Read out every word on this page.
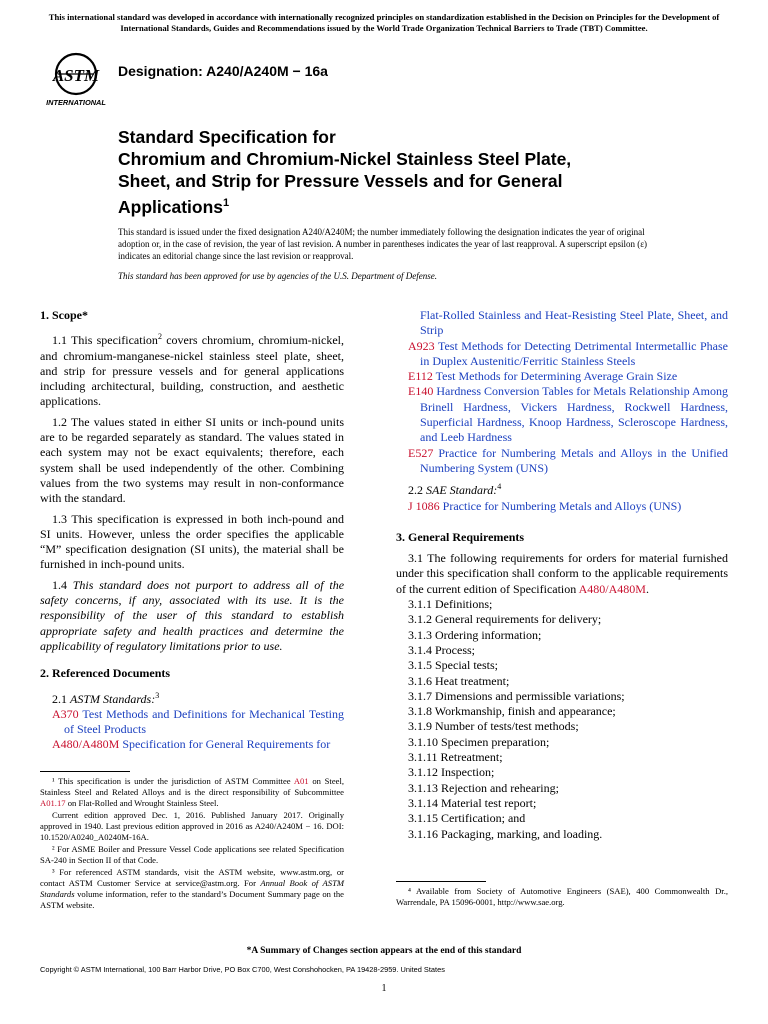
This international standard was developed in accordance with internationally recognized principles on standardization established in the Decision on Principles for the Development of International Standards, Guides and Recommendations issued by the World Trade Organization Technical Barriers to Trade (TBT) Committee.
ASTM
INTERNATIONAL
Designation: A240/A240M − 16a
Standard Specification for
Chromium and Chromium-Nickel Stainless Steel Plate,
Sheet, and Strip for Pressure Vessels and for General
Applications$^1$
This standard is issued under the fixed designation A240/A240M; the number immediately following the designation indicates the year of original adoption or, in the case of revision, the year of last revision. A number in parentheses indicates the year of last reapproval. A superscript epsilon (ε) indicates an editorial change since the last revision or reapproval.
This standard has been approved for use by agencies of the U.S. Department of Defense.

1. Scope*

1.1 This specification$^2$ covers chromium, chromium-nickel, and chromium-manganese-nickel stainless steel plate, sheet, and strip for pressure vessels and for general applications including architectural, building, construction, and aesthetic applications.

1.2 The values stated in either SI units or inch-pound units are to be regarded separately as standard. The values stated in each system may not be exact equivalents; therefore, each system shall be used independently of the other. Combining values from the two systems may result in non-conformance with the standard.

1.3 This specification is expressed in both inch-pound and SI units. However, unless the order specifies the applicable “M” specification designation (SI units), the material shall be furnished in inch-pound units.

1.4 This standard does not purport to address all of the safety concerns, if any, associated with its use. It is the responsibility of the user of this standard to establish appropriate safety and health practices and determine the applicability of regulatory limitations prior to use.

2. Referenced Documents

2.1 ASTM Standards:$^3$

A370 Test Methods and Definitions for Mechanical Testing of Steel Products

A480/A480M Specification for General Requirements for

Flat-Rolled Stainless and Heat-Resisting Steel Plate, Sheet, and Strip

A923 Test Methods for Detecting Detrimental Intermetallic Phase in Duplex Austenitic/Ferritic Stainless Steels

E112 Test Methods for Determining Average Grain Size

E140 Hardness Conversion Tables for Metals Relationship Among Brinell Hardness, Vickers Hardness, Rockwell Hardness, Superficial Hardness, Knoop Hardness, Scleroscope Hardness, and Leeb Hardness

E527 Practice for Numbering Metals and Alloys in the Unified Numbering System (UNS)

2.2 SAE Standard:$^4$

J 1086 Practice for Numbering Metals and Alloys (UNS)

3. General Requirements

3.1 The following requirements for orders for material furnished under this specification shall conform to the applicable requirements of the current edition of Specification A480/A480M.

3.1.1 Definitions;

3.1.2 General requirements for delivery;

3.1.3 Ordering information;

3.1.4 Process;

3.1.5 Special tests;

3.1.6 Heat treatment;

3.1.7 Dimensions and permissible variations;

3.1.8 Workmanship, finish and appearance;

3.1.9 Number of tests/test methods;

3.1.10 Specimen preparation;

3.1.11 Retreatment;

3.1.12 Inspection;

3.1.13 Rejection and rehearing;

3.1.14 Material test report;

3.1.15 Certification; and

3.1.16 Packaging, marking, and loading.

¹ This specification is under the jurisdiction of ASTM Committee A01 on Steel, Stainless Steel and Related Alloys and is the direct responsibility of Subcommittee A01.17 on Flat-Rolled and Wrought Stainless Steel.

Current edition approved Dec. 1, 2016. Published January 2017. Originally approved in 1940. Last previous edition approved in 2016 as A240/A240M − 16. DOI: 10.1520/A0240_A0240M-16A.

² For ASME Boiler and Pressure Vessel Code applications see related Specification SA-240 in Section II of that Code.

³ For referenced ASTM standards, visit the ASTM website, www.astm.org, or contact ASTM Customer Service at service@astm.org. For Annual Book of ASTM Standards volume information, refer to the standard’s Document Summary page on the ASTM website.

⁴ Available from Society of Automotive Engineers (SAE), 400 Commonwealth Dr., Warrendale, PA 15096-0001, http://www.sae.org.

*A Summary of Changes section appears at the end of this standard
Copyright © ASTM International, 100 Barr Harbor Drive, PO Box C700, West Conshohocken, PA 19428-2959. United States
1
